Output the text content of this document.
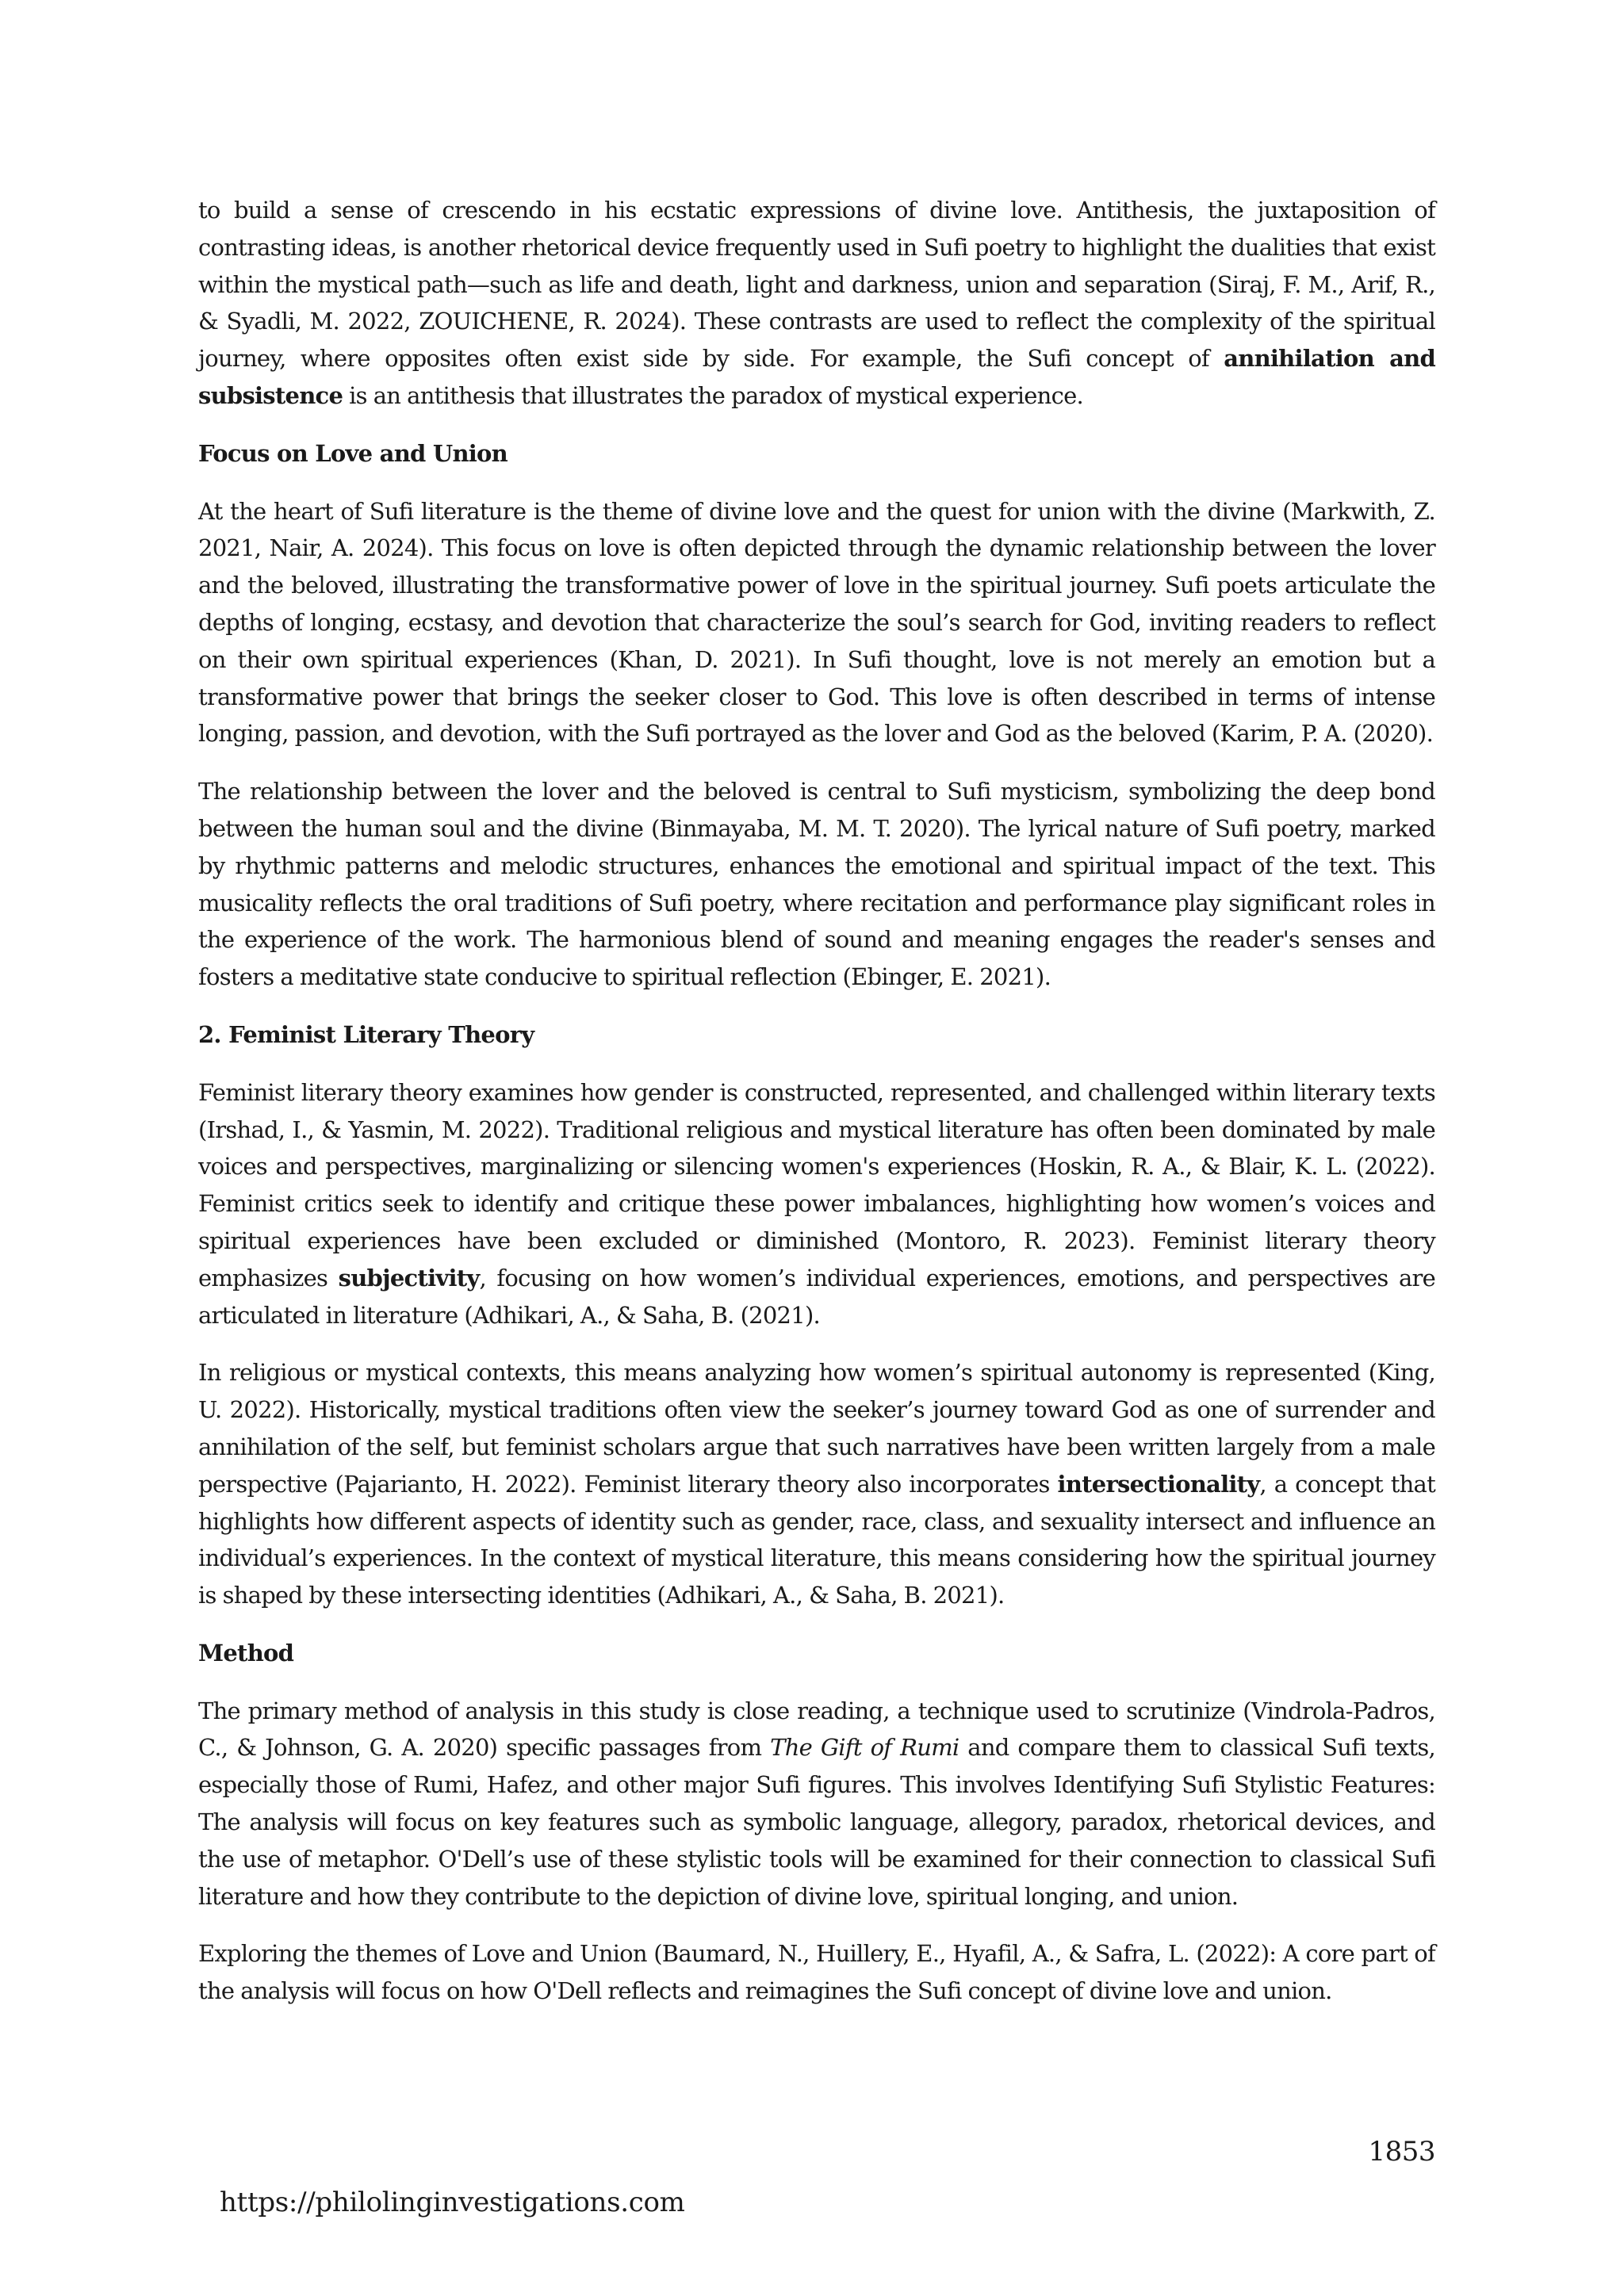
to build a sense of crescendo in his ecstatic expressions of divine love. Antithesis, the juxtaposition of contrasting ideas, is another rhetorical device frequently used in Sufi poetry to highlight the dualities that exist within the mystical path—such as life and death, light and darkness, union and separation (Siraj, F. M., Arif, R., & Syadli, M. 2022, ZOUICHENE, R. 2024). These contrasts are used to reflect the complexity of the spiritual journey, where opposites often exist side by side. For example, the Sufi concept of annihilation and subsistence is an antithesis that illustrates the paradox of mystical experience.

Focus on Love and Union

At the heart of Sufi literature is the theme of divine love and the quest for union with the divine (Markwith, Z. 2021, Nair, A. 2024). This focus on love is often depicted through the dynamic relationship between the lover and the beloved, illustrating the transformative power of love in the spiritual journey. Sufi poets articulate the depths of longing, ecstasy, and devotion that characterize the soul’s search for God, inviting readers to reflect on their own spiritual experiences (Khan, D. 2021). In Sufi thought, love is not merely an emotion but a transformative power that brings the seeker closer to God. This love is often described in terms of intense longing, passion, and devotion, with the Sufi portrayed as the lover and God as the beloved (Karim, P. A. (2020).

The relationship between the lover and the beloved is central to Sufi mysticism, symbolizing the deep bond between the human soul and the divine (Binmayaba, M. M. T. 2020). The lyrical nature of Sufi poetry, marked by rhythmic patterns and melodic structures, enhances the emotional and spiritual impact of the text. This musicality reflects the oral traditions of Sufi poetry, where recitation and performance play significant roles in the experience of the work. The harmonious blend of sound and meaning engages the reader's senses and fosters a meditative state conducive to spiritual reflection (Ebinger, E. 2021).

2. Feminist Literary Theory

Feminist literary theory examines how gender is constructed, represented, and challenged within literary texts (Irshad, I., & Yasmin, M. 2022). Traditional religious and mystical literature has often been dominated by male voices and perspectives, marginalizing or silencing women's experiences (Hoskin, R. A., & Blair, K. L. (2022). Feminist critics seek to identify and critique these power imbalances, highlighting how women’s voices and spiritual experiences have been excluded or diminished (Montoro, R. 2023). Feminist literary theory emphasizes subjectivity, focusing on how women’s individual experiences, emotions, and perspectives are articulated in literature (Adhikari, A., & Saha, B. (2021).

In religious or mystical contexts, this means analyzing how women’s spiritual autonomy is represented (King, U. 2022). Historically, mystical traditions often view the seeker’s journey toward God as one of surrender and annihilation of the self, but feminist scholars argue that such narratives have been written largely from a male perspective (Pajarianto, H. 2022). Feminist literary theory also incorporates intersectionality, a concept that highlights how different aspects of identity such as gender, race, class, and sexuality intersect and influence an individual’s experiences. In the context of mystical literature, this means considering how the spiritual journey is shaped by these intersecting identities (Adhikari, A., & Saha, B. 2021).

Method

The primary method of analysis in this study is close reading, a technique used to scrutinize (Vindrola-Padros, C., & Johnson, G. A. 2020) specific passages from The Gift of Rumi and compare them to classical Sufi texts, especially those of Rumi, Hafez, and other major Sufi figures. This involves Identifying Sufi Stylistic Features: The analysis will focus on key features such as symbolic language, allegory, paradox, rhetorical devices, and the use of metaphor. O'Dell’s use of these stylistic tools will be examined for their connection to classical Sufi literature and how they contribute to the depiction of divine love, spiritual longing, and union.

Exploring the themes of Love and Union (Baumard, N., Huillery, E., Hyafil, A., & Safra, L. (2022): A core part of the analysis will focus on how O'Dell reflects and reimagines the Sufi concept of divine love and union.

1853
https://philolinginvestigations.com
